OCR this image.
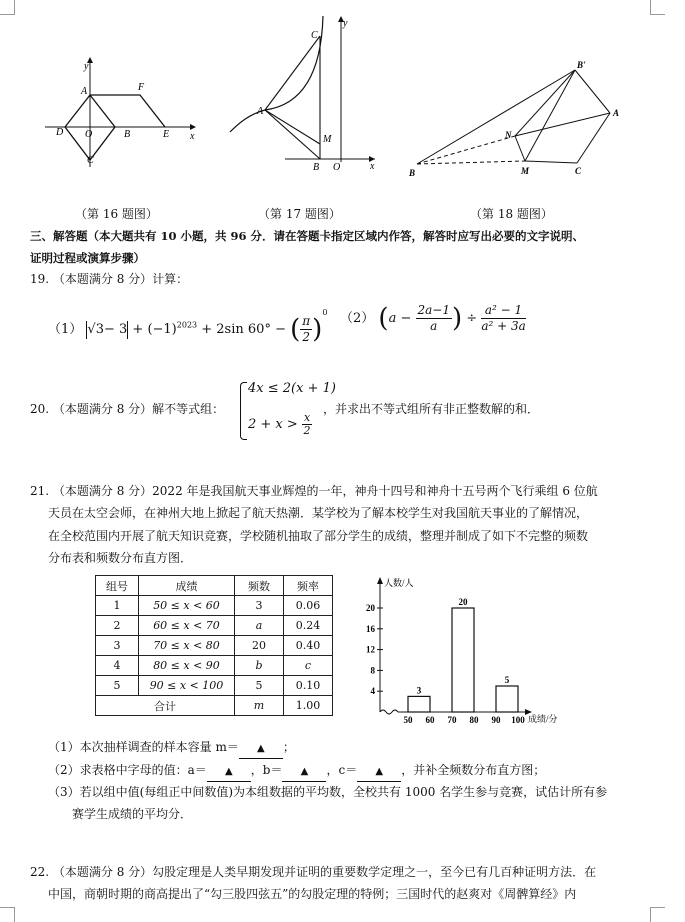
y
x
A	F
D O	B	E
C
（第 16 题图）
C
y
A
M
B O	x
（第 17 题图）
B'
A
N
B	M	C
（第 18 题图）
三、解答题（本大题共有 10 小题，共 96 分．请在答题卡指定区域内作答，解答时应写出必要的文字说明、
证明过程或演算步骤）
19. （本题满分 8 分）计算：
（1） $√3- 3 + (-1)^{2023} + 2\sin$ 60° − ( $\frac{\pi}{2} )^0$ （2） ($a - \frac{2a-1}{a}$ ) ÷ $\frac{\text{a² − 1}}{\text{a² + 3a}}$
20. （本题满分 8 分）解不等式组：
4x ≤ 2(x + 1)
$2 + x > \frac{x}{2}$
，并求出不等式组所有非正整数解的和．
21. （本题满分 8 分）2022 年是我国航天事业辉煌的一年，神舟十四号和神舟十五号两个飞行乘组 6 位航
天员在太空会师，在神州大地上掀起了航天热潮．某学校为了解本校学生对我国航天事业的了解情况，
在全校范围内开展了航天知识竞赛，学校随机抽取了部分学生的成绩，整理并制成了如下不完整的频数
分布表和频数分布直方图．
组号	成绩	频数	频率
1	50 ≤ x < 60	3	0.06
2	60 ≤ x < 70	a	0.24
3	70 ≤ x < 80	20	0.40
4	80 ≤ x < 90	b	c
5	90 ≤ x < 100	5	0.10
合计		m	1.00
人数/人
成绩/分
4
8
12
16
20
50 60 70 80 90 100
3
20
5
（1）本次抽样调查的样本容量 m＝ ▲ ；
（2）求表格中字母的值：a＝ ▲ ，b＝ ▲ ，c＝ ▲ ，并补全频数分布直方图；
（3）若以组中值(每组正中间数值)为本组数据的平均数，全校共有 1000 名学生参与竞赛，试估计所有参
赛学生成绩的平均分．
22. （本题满分 8 分）勾股定理是人类早期发现并证明的重要数学定理之一，至今已有几百种证明方法．在
中国，商朝时期的商高提出了“勾三股四弦五”的勾股定理的特例；三国时代的赵爽对《周髀算经》内
